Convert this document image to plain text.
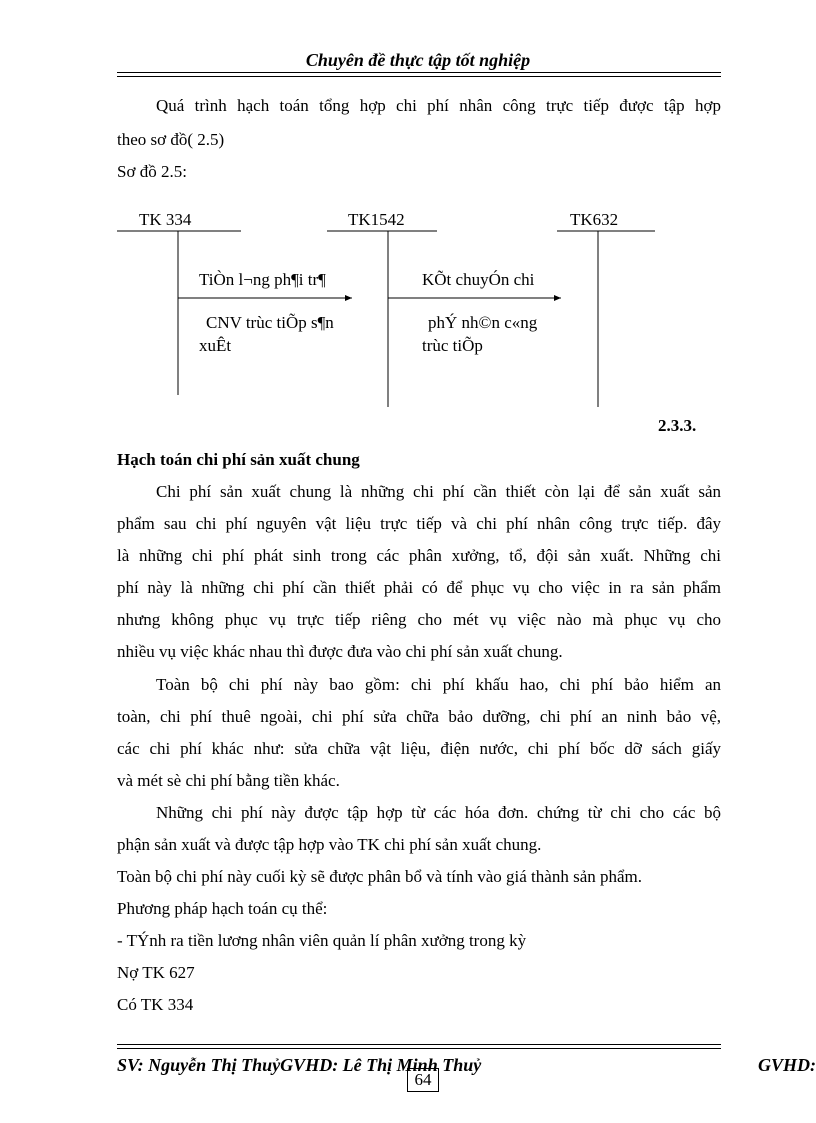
Chuyên đề thực tập tốt nghiệp
Quá trình hạch toán tổng hợp chi phí nhân công trực tiếp được tập hợp
theo sơ đồ( 2.5)
Sơ đồ 2.5:
TK 334	TK1542	TK632
TiÒn l¬ng ph¶i tr¶
CNV trùc tiÕp s¶n
xuÊt
KÕt chuyÓn chi
phÝ nh©n c«ng
trùc tiÕp
2.3.3.
Hạch toán chi phí sản xuất chung
Chi phí sản xuất chung là những chi phí cần thiết còn lại để sản xuất sản
phẩm sau chi phí nguyên vật liệu trực tiếp và chi phí nhân công trực tiếp. đây
là những chi phí phát sinh trong các phân xưởng, tổ, đội sản xuất. Những chi
phí này là những chi phí cần thiết phải có để phục vụ cho việc in ra sản phẩm
nhưng không phục vụ trực tiếp riêng cho mét vụ việc nào mà phục vụ cho
nhiều vụ việc khác nhau thì được đưa vào chi phí sản xuất chung.
Toàn bộ chi phí này bao gồm: chi phí khấu hao, chi phí bảo hiểm an
toàn, chi phí thuê ngoài, chi phí sửa chữa bảo dưỡng, chi phí an ninh bảo vệ,
các chi phí khác như: sửa chữa vật liệu, điện nước, chi phí bốc dỡ sách giấy
và mét sè chi phí bằng tiền khác.
Những chi phí này được tập hợp từ các hóa đơn. chứng từ chi cho các bộ
phận sản xuất và được tập hợp vào TK chi phí sản xuất chung.
Toàn bộ chi phí này cuối kỳ sẽ được phân bổ và tính vào giá thành sản phẩm.
Phương pháp hạch toán cụ thể:
- TÝnh ra tiền lương nhân viên quản lí phân xưởng trong kỳ
Nợ TK 627
Có TK 334
SV: Nguyễn Thị ThuỷGVHD: Lê Thị Minh Thuỷ	GVHD:
64
